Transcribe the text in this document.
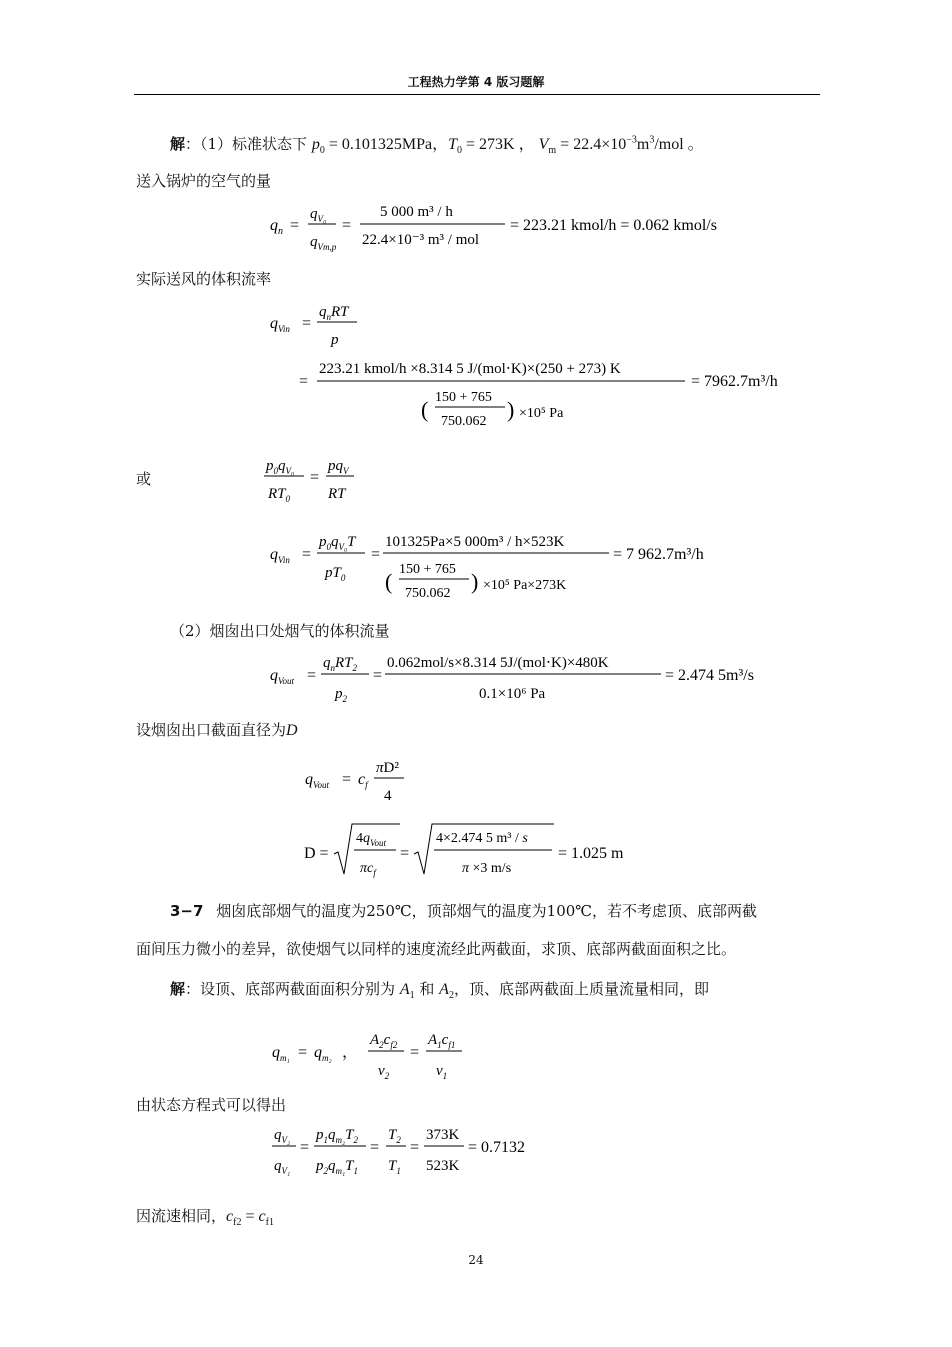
工程热力学第 4 版习题解
解：（1）标准状态下 $p_0 = 0.101325MPa$，$T_0 = 273K$ ， $V_m = 22.4\times 10^{-3}m^3/mol$ 。
送入锅炉的空气的量
$q_n$ =
$q_{V_0}$
$q_{Vm,p}$
=
5 000 m³ / h
22.4×10⁻³ m³ / mol
= 223.21 kmol/h = 0.062 kmol/s
实际送风的体积流率
$q_{Vin}$ =
$q_nRT$
p
=
223.21 kmol/h ×8.314 5 J/(mol⋅K)×(250 + 273) K
( 150 + 765
750.062 ) ×10⁵ Pa
= 7962.7m³/h
或
$p_0q_{V_0}$
$RT_0$
=
$pq_V$
RT
$q_{Vin}$ =
$p_0q_{V_0}T$
$pT_0$
=
101325Pa×5 000m³ / h×523K
( 150 + 765
750.062 ) ×10⁵ Pa×273K
= 7 962.7m³/h
（2）烟囱出口处烟气的体积流量
$q_{Vout}$ =
$q_nRT_2$
$p_2$
=
0.062mol/s×8.314 5J/(mol⋅K)×480K
0.1×10⁶ Pa
= 2.474 5m³/s
设烟囱出口截面直径为D
$q_{Vout} = c_f$
πD²
4
D =
$4q_{Vout}$
$\pi c_f$
=
4×2.474 5 m³ / s
π ×3 m/s
= 1.025 m
3−7 烟囱底部烟气的温度为250℃，顶部烟气的温度为100℃，若不考虑顶、底部两截
面间压力微小的差异，欲使烟气以同样的速度流经此两截面，求顶、底部两截面面积之比。
解：设顶、底部两截面面积分别为 $A_1$ 和 $A_2$，顶、底部两截面上质量流量相同，即
$q_{m_1} = q_{m_2}$ ，
$A_2c_{f2}$
$v_2$
=
$A_1c_{f1}$
$v_1$
由状态方程式可以得出
$q_{V_2}$
$q_{V_1}$
=
$p_1q_{m_2}T_2$
$p_2q_{m_1}T_1$
=
$T_2$
$T_1$
=
373K
523K
= 0.7132
因流速相同，$c_{f2} = c_{f1}$
24
